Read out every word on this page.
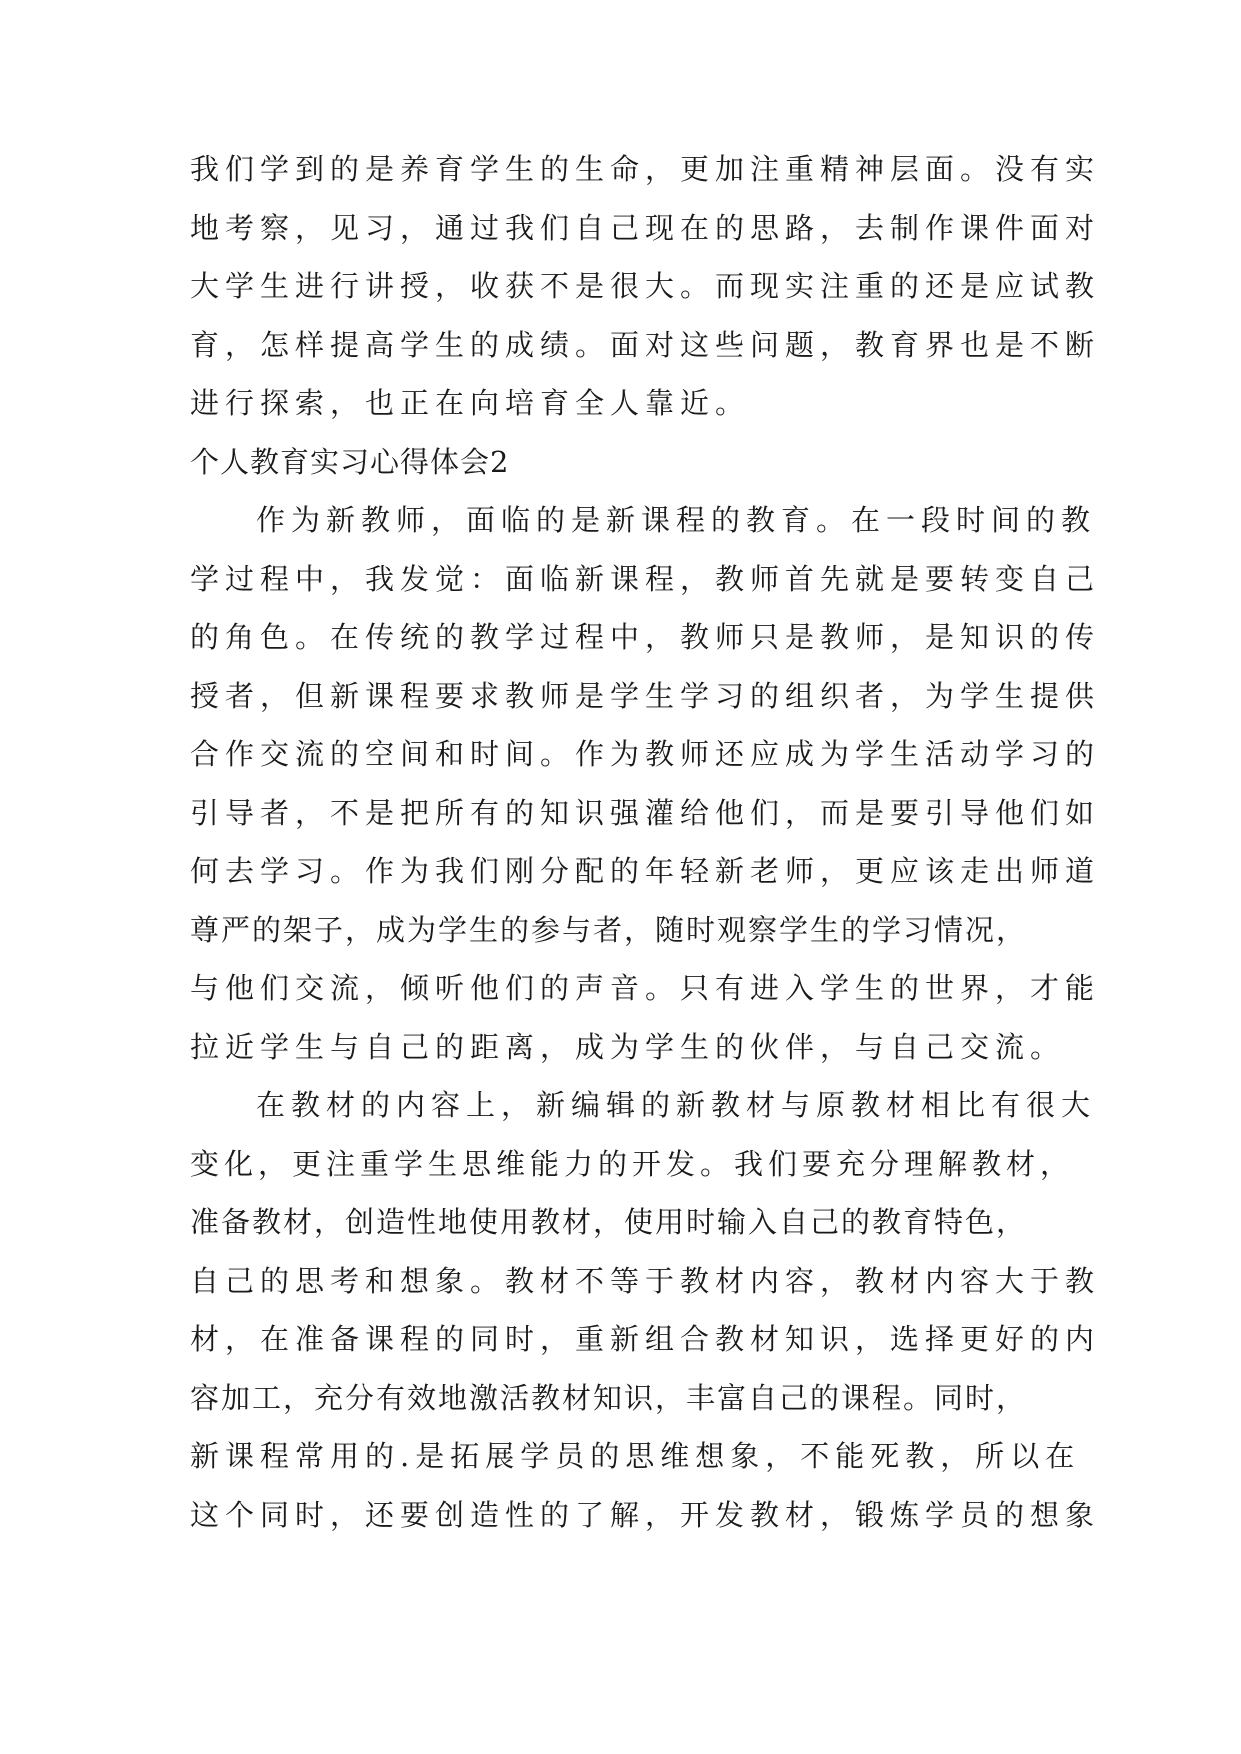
我们学到的是养育学生的生命，更加注重精神层面。没有实
地考察，见习，通过我们自己现在的思路，去制作课件面对
大学生进行讲授，收获不是很大。而现实注重的还是应试教
育，怎样提高学生的成绩。面对这些问题，教育界也是不断
进行探索，也正在向培育全人靠近。
个人教育实习心得体会2
作为新教师，面临的是新课程的教育。在一段时间的教
学过程中，我发觉：面临新课程，教师首先就是要转变自己
的角色。在传统的教学过程中，教师只是教师，是知识的传
授者，但新课程要求教师是学生学习的组织者，为学生提供
合作交流的空间和时间。作为教师还应成为学生活动学习的
引导者，不是把所有的知识强灌给他们，而是要引导他们如
何去学习。作为我们刚分配的年轻新老师，更应该走出师道
尊严的架子，成为学生的参与者，随时观察学生的学习情况，
与他们交流，倾听他们的声音。只有进入学生的世界，才能
拉近学生与自己的距离，成为学生的伙伴，与自己交流。
在教材的内容上，新编辑的新教材与原教材相比有很大
变化，更注重学生思维能力的开发。我们要充分理解教材，
准备教材，创造性地使用教材，使用时输入自己的教育特色，
自己的思考和想象。教材不等于教材内容，教材内容大于教
材，在准备课程的同时，重新组合教材知识，选择更好的内
容加工，充分有效地激活教材知识，丰富自己的课程。同时，
新课程常用的.是拓展学员的思维想象，不能死教，所以在
这个同时，还要创造性的了解，开发教材，锻炼学员的想象
